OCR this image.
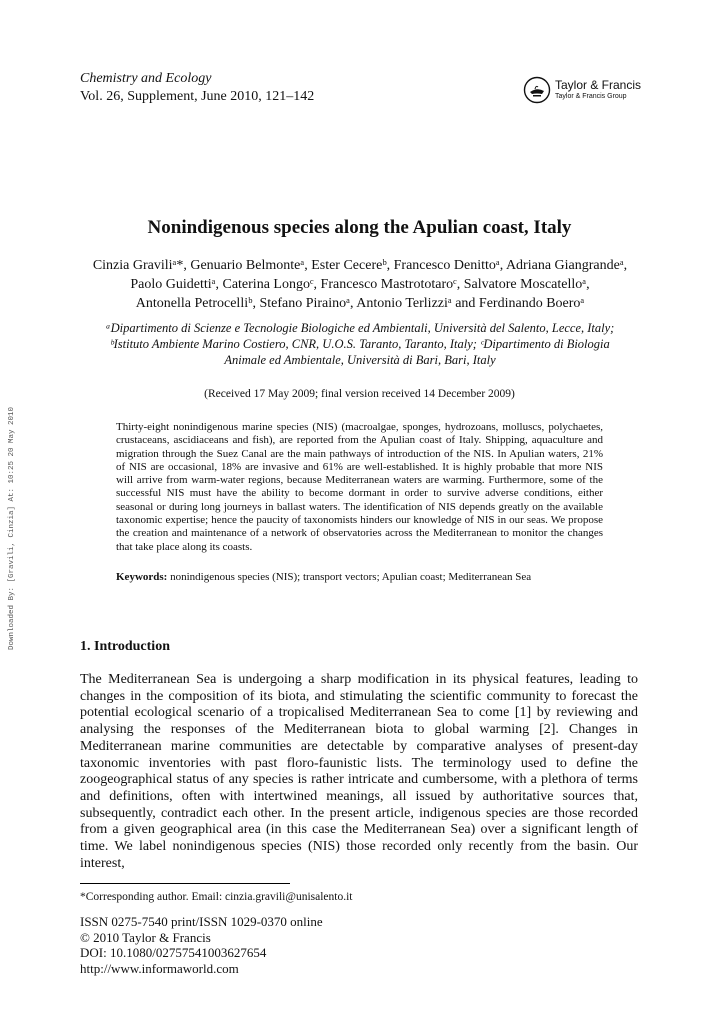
Chemistry and Ecology
Vol. 26, Supplement, June 2010, 121–142
Taylor & Francis
Taylor & Francis Group
Downloaded By: [Gravili, Cinzia] At: 10:25 20 May 2010
Nonindigenous species along the Apulian coast, Italy
Cinzia Graviliᵃ*, Genuario Belmonteᵃ, Ester Cecereᵇ, Francesco Denittoᵃ, Adriana Giangrandeᵃ,
Paolo Guidettiᵃ, Caterina Longoᶜ, Francesco Mastrototaroᶜ, Salvatore Moscatelloᵃ,
Antonella Petrocelliᵇ, Stefano Pirainoᵃ, Antonio Terlizziᵃ and Ferdinando Boeroᵃ
ᵃDipartimento di Scienze e Tecnologie Biologiche ed Ambientali, Università del Salento, Lecce, Italy;
ᵇIstituto Ambiente Marino Costiero, CNR, U.O.S. Taranto, Taranto, Italy; ᶜDipartimento di Biologia
Animale ed Ambientale, Università di Bari, Bari, Italy
(Received 17 May 2009; final version received 14 December 2009)
Thirty-eight nonindigenous marine species (NIS) (macroalgae, sponges, hydrozoans, molluscs, polychaetes, crustaceans, ascidiaceans and fish), are reported from the Apulian coast of Italy. Shipping, aquaculture and migration through the Suez Canal are the main pathways of introduction of the NIS. In Apulian waters, 21% of NIS are occasional, 18% are invasive and 61% are well-established. It is highly probable that more NIS will arrive from warm-water regions, because Mediterranean waters are warming. Furthermore, some of the successful NIS must have the ability to become dormant in order to survive adverse conditions, either seasonal or during long journeys in ballast waters. The identification of NIS depends greatly on the available taxonomic expertise; hence the paucity of taxonomists hinders our knowledge of NIS in our seas. We propose the creation and maintenance of a network of observatories across the Mediterranean to monitor the changes that take place along its coasts.
Keywords: nonindigenous species (NIS); transport vectors; Apulian coast; Mediterranean Sea
1. Introduction
The Mediterranean Sea is undergoing a sharp modification in its physical features, leading to changes in the composition of its biota, and stimulating the scientific community to forecast the potential ecological scenario of a tropicalised Mediterranean Sea to come [1] by reviewing and analysing the responses of the Mediterranean biota to global warming [2]. Changes in Mediterranean marine communities are detectable by comparative analyses of present-day taxonomic inventories with past floro-faunistic lists. The terminology used to define the zoogeographical status of any species is rather intricate and cumbersome, with a plethora of terms and definitions, often with intertwined meanings, all issued by authoritative sources that, subsequently, contradict each other. In the present article, indigenous species are those recorded from a given geographical area (in this case the Mediterranean Sea) over a significant length of time. We label nonindigenous species (NIS) those recorded only recently from the basin. Our interest,
*Corresponding author. Email: cinzia.gravili@unisalento.it
ISSN 0275-7540 print/ISSN 1029-0370 online
© 2010 Taylor & Francis
DOI: 10.1080/02757541003627654
http://www.informaworld.com
